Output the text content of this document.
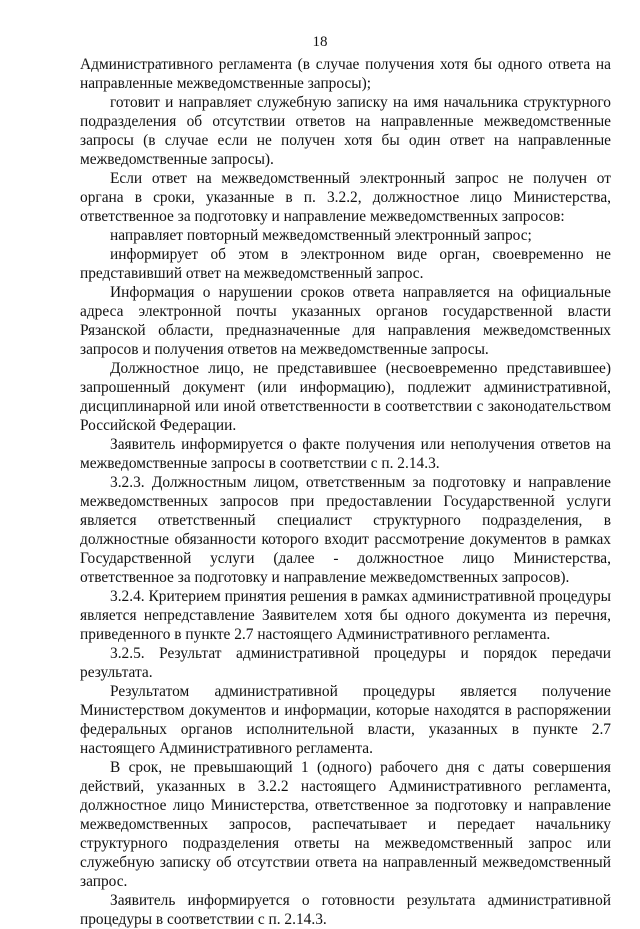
18

Административного регламента (в случае получения хотя бы одного ответа на направленные межведомственные запросы);

готовит и направляет служебную записку на имя начальника структурного подразделения об отсутствии ответов на направленные межведомственные запросы (в случае если не получен хотя бы один ответ на направленные межведомственные запросы).

Если ответ на межведомственный электронный запрос не получен от органа в сроки, указанные в п. 3.2.2, должностное лицо Министерства, ответственное за подготовку и направление межведомственных запросов:

направляет повторный межведомственный электронный запрос;

информирует об этом в электронном виде орган, своевременно не представивший ответ на межведомственный запрос.

Информация о нарушении сроков ответа направляется на официальные адреса электронной почты указанных органов государственной власти Рязанской области, предназначенные для направления межведомственных запросов и получения ответов на межведомственные запросы.

Должностное лицо, не представившее (несвоевременно представившее) запрошенный документ (или информацию), подлежит административной, дисциплинарной или иной ответственности в соответствии с законодательством Российской Федерации.

Заявитель информируется о факте получения или неполучения ответов на межведомственные запросы в соответствии с п. 2.14.3.

3.2.3. Должностным лицом, ответственным за подготовку и направление межведомственных запросов при предоставлении Государственной услуги является ответственный специалист структурного подразделения, в должностные обязанности которого входит рассмотрение документов в рамках Государственной услуги (далее - должностное лицо Министерства, ответственное за подготовку и направление межведомственных запросов).

3.2.4. Критерием принятия решения в рамках административной процедуры является непредставление Заявителем хотя бы одного документа из перечня, приведенного в пункте 2.7 настоящего Административного регламента.

3.2.5. Результат административной процедуры и порядок передачи результата.

Результатом административной процедуры является получение Министерством документов и информации, которые находятся в распоряжении федеральных органов исполнительной власти, указанных в пункте 2.7 настоящего Административного регламента.

В срок, не превышающий 1 (одного) рабочего дня с даты совершения действий, указанных в 3.2.2 настоящего Административного регламента, должностное лицо Министерства, ответственное за подготовку и направление межведомственных запросов, распечатывает и передает начальнику структурного подразделения ответы на межведомственный запрос или служебную записку об отсутствии ответа на направленный межведомственный запрос.

Заявитель информируется о готовности результата административной процедуры в соответствии с п. 2.14.3.
